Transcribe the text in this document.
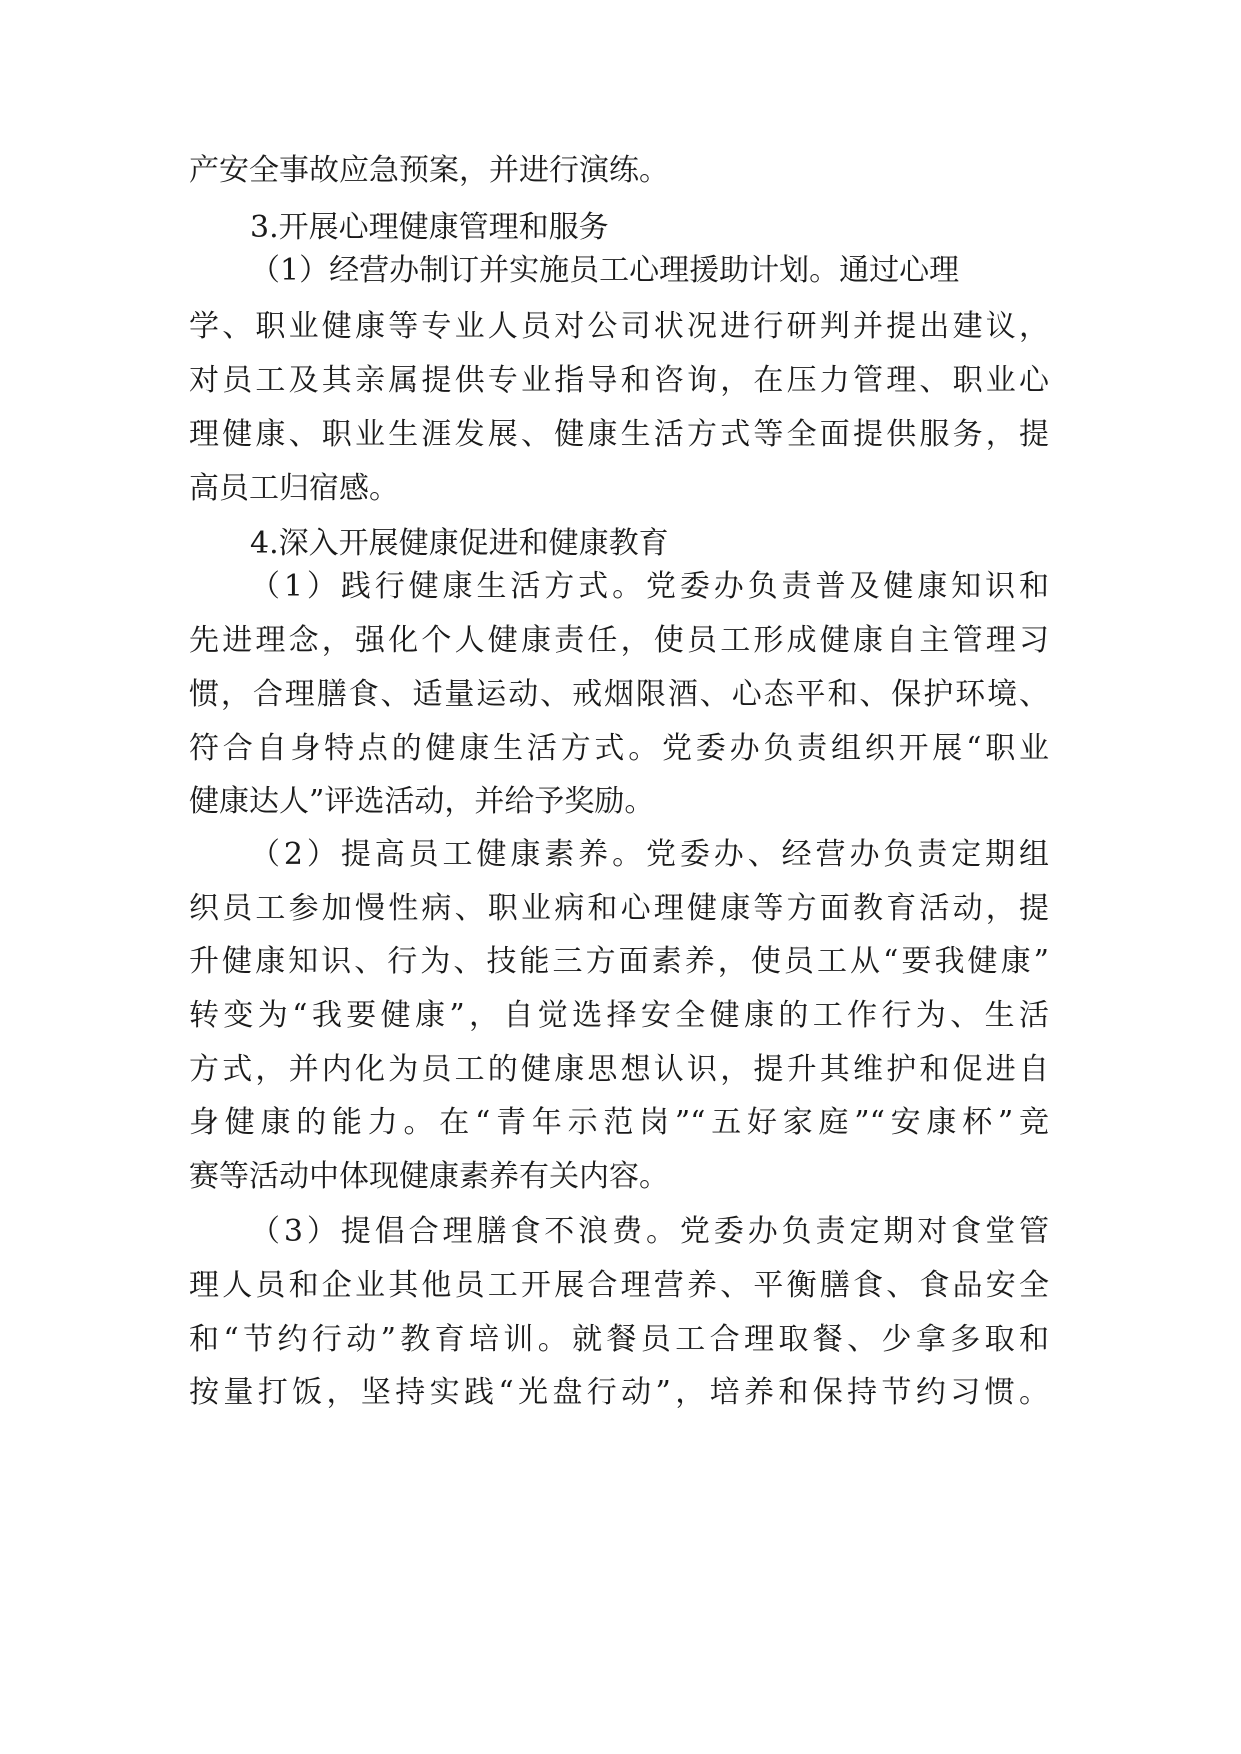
产安全事故应急预案，并进行演练。
3.开展心理健康管理和服务
（1）经营办制订并实施员工心理援助计划。通过心理
学、职业健康等专业人员对公司状况进行研判并提出建议，
对员工及其亲属提供专业指导和咨询，在压力管理、职业心
理健康、职业生涯发展、健康生活方式等全面提供服务，提
高员工归宿感。
4.深入开展健康促进和健康教育
（1）践行健康生活方式。党委办负责普及健康知识和
先进理念，强化个人健康责任，使员工形成健康自主管理习
惯，合理膳食、适量运动、戒烟限酒、心态平和、保护环境、
符合自身特点的健康生活方式。党委办负责组织开展“职业
健康达人”评选活动，并给予奖励。
（2）提高员工健康素养。党委办、经营办负责定期组
织员工参加慢性病、职业病和心理健康等方面教育活动，提
升健康知识、行为、技能三方面素养，使员工从“要我健康”
转变为“我要健康”，自觉选择安全健康的工作行为、生活
方式，并内化为员工的健康思想认识，提升其维护和促进自
身健康的能力。在“青年示范岗”“五好家庭”“安康杯”竞
赛等活动中体现健康素养有关内容。
（3）提倡合理膳食不浪费。党委办负责定期对食堂管
理人员和企业其他员工开展合理营养、平衡膳食、食品安全
和“节约行动”教育培训。就餐员工合理取餐、少拿多取和
按量打饭，坚持实践“光盘行动”，培养和保持节约习惯。
